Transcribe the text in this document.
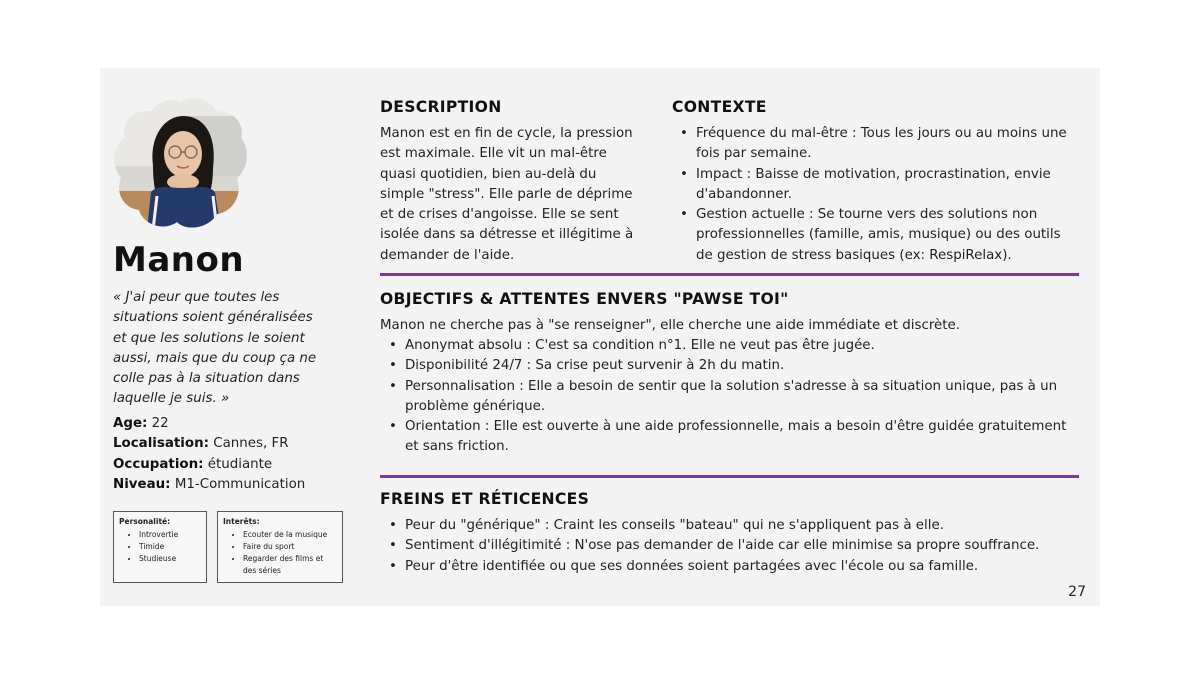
Manon

« J'ai peur que toutes les situations soient généralisées et que les solutions le soient aussi, mais que du coup ça ne colle pas à la situation dans laquelle je suis. »

Age: 22
Localisation: Cannes, FR
Occupation: étudiante
Niveau: M1-Communication
Personalité:
• Introvertie
• Timide
• Studieuse
Interêts:
• Ecouter de la musique
• Faire du sport
• Regarder des films et des séries
DESCRIPTION

Manon est en fin de cycle, la pression est maximale. Elle vit un mal-être quasi quotidien, bien au-delà du simple "stress". Elle parle de déprime et de crises d'angoisse. Elle se sent isolée dans sa détresse et illégitime à demander de l'aide.

CONTEXTE
• Fréquence du mal-être : Tous les jours ou au moins une fois par semaine.
• Impact : Baisse de motivation, procrastination, envie d'abandonner.
• Gestion actuelle : Se tourne vers des solutions non professionnelles (famille, amis, musique) ou des outils de gestion de stress basiques (ex: RespiRelax).
OBJECTIFS & ATTENTES ENVERS "PAWSE TOI"

Manon ne cherche pas à "se renseigner", elle cherche une aide immédiate et discrète.

• Anonymat absolu : C'est sa condition n°1. Elle ne veut pas être jugée.
• Disponibilité 24/7 : Sa crise peut survenir à 2h du matin.
• Personnalisation : Elle a besoin de sentir que la solution s'adresse à sa situation unique, pas à un problème générique.
• Orientation : Elle est ouverte à une aide professionnelle, mais a besoin d'être guidée gratuitement et sans friction.
FREINS ET RÉTICENCES
• Peur du "générique" : Craint les conseils "bateau" qui ne s'appliquent pas à elle.
• Sentiment d'illégitimité : N'ose pas demander de l'aide car elle minimise sa propre souffrance.
• Peur d'être identifiée ou que ses données soient partagées avec l'école ou sa famille.
27
